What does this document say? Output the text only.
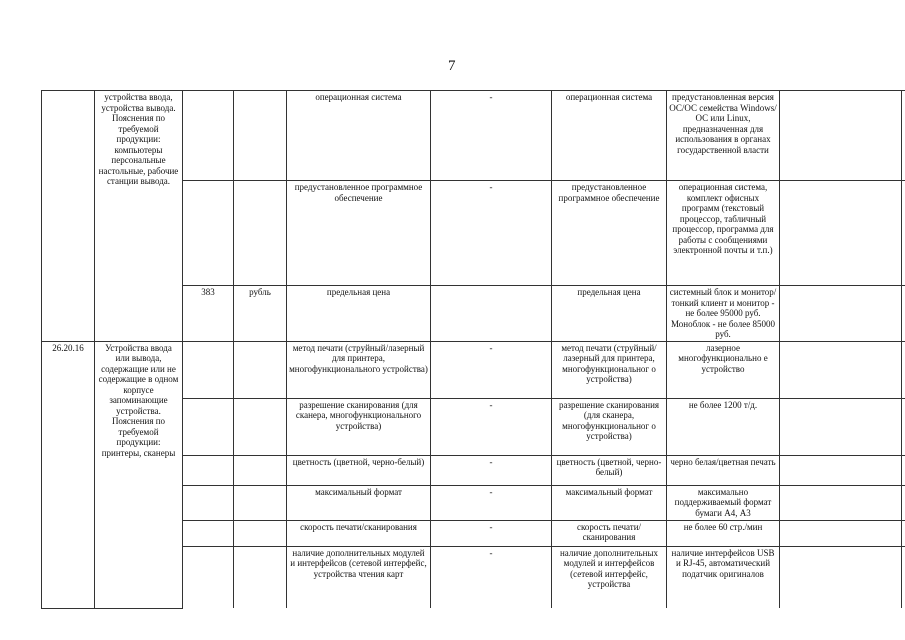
7
	устройства ввода, устройства вывода. Пояснения по требуемой продукции: компьютеры персональные настольные, рабочие станции вывода.			операционная система	-	операционная система	предустановленная версия ОС/ОС семейства Windows/ОС или Linux, предназначенная для использования в органах государственной власти		
				предустановленное программное обеспечение	-	предустановленное программное обеспечение	операционная система, комплект офисных программ (текстовый процессор, табличный процессор, программа для работы с сообщениями электронной почты и т.п.)		
		383	рубль	предельная цена		предельная цена	системный блок и монитор/тонкий клиент и монитор - не более 95000 руб. Моноблок - не более 85000 руб.		
26.20.16	Устройства ввода или вывода, содержащие или не содержащие в одном корпусе запоминающие устройства. Пояснения по требуемой продукции: принтеры, сканеры			метод печати (струйный/лазерный для принтера, многофункционального устройства)	-	метод печати (струйный/лазерный для принтера, многофункциональног о устройства)	лазерное многофункционально е устройство		
				разрешение сканирования (для сканера, многофункционального устройства)	-	разрешение сканирования (для сканера, многофункциональног о устройства)	не более 1200 т/д.		
				цветность (цветной, черно-белый)	-	цветность (цветной, черно-белый)	черно белая/цветная печать		
				максимальный формат	-	максимальный формат	максимально поддерживаемый формат бумаги А4, А3		
				скорость печати/сканирования	-	скорость печати/сканирования	не более 60 стр./мин		
				наличие дополнительных модулей и интерфейсов (сетевой интерфейс, устройства чтения карт	-	наличие дополнительных модулей и интерфейсов (сетевой интерфейс, устройства	наличие интерфейсов USB и RJ-45, автоматический податчик оригиналов		
